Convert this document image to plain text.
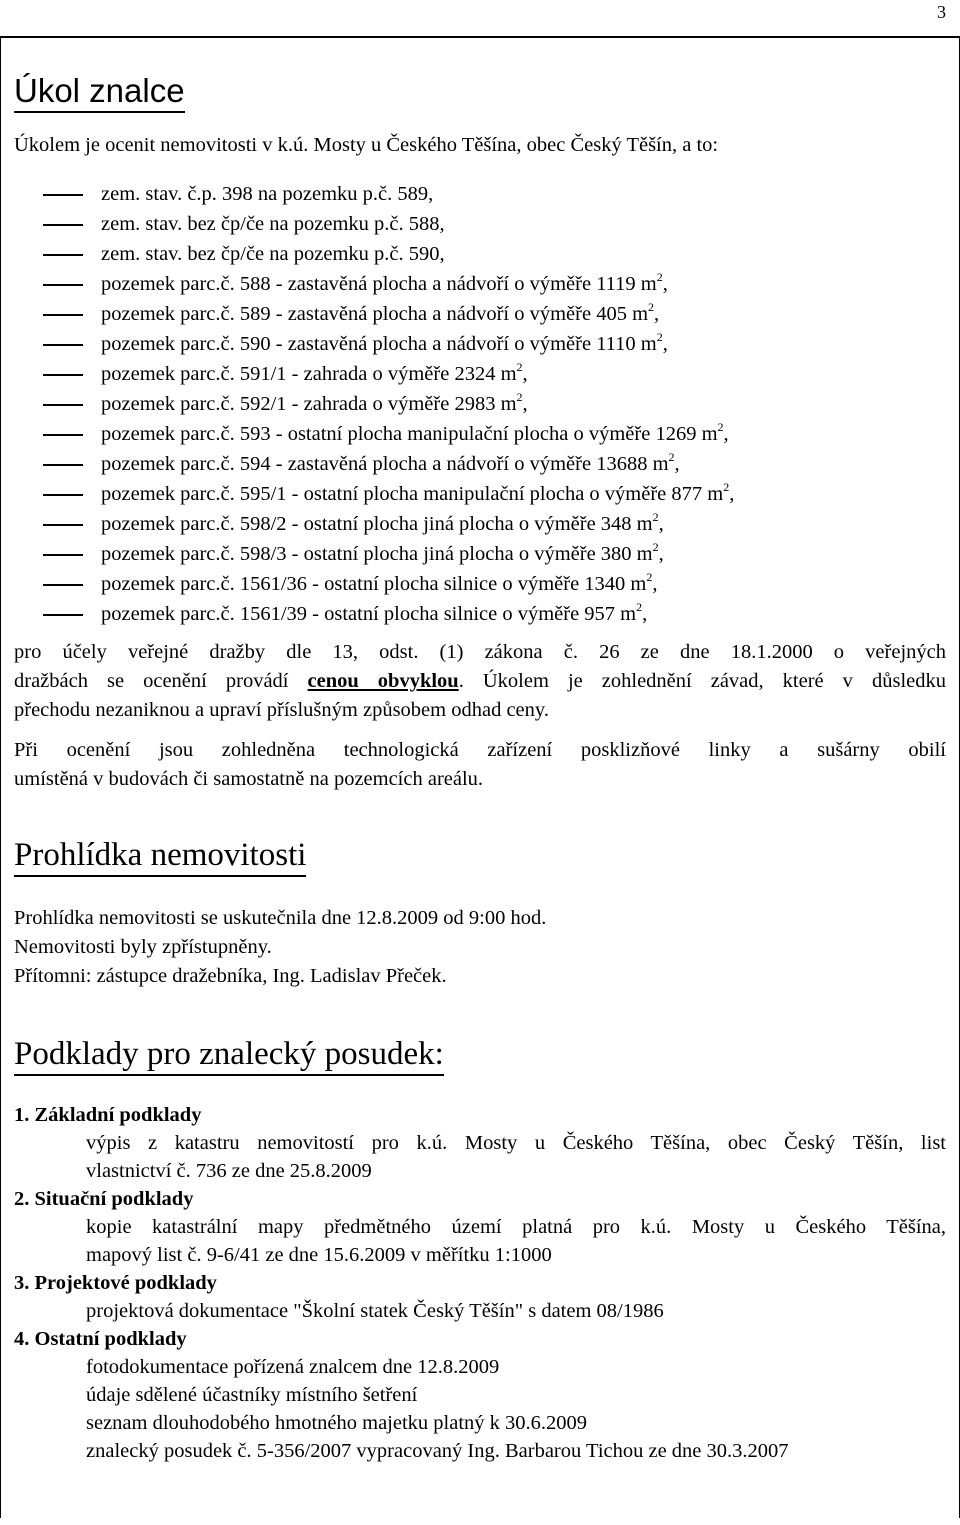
3
Úkol znalce
Úkolem je ocenit nemovitosti v k.ú. Mosty u Českého Těšína, obec Český Těšín, a to:
zem. stav. č.p. 398 na pozemku p.č. 589,
zem. stav. bez čp/če na pozemku p.č. 588,
zem. stav. bez čp/če na pozemku p.č. 590,
pozemek parc.č. 588 - zastavěná plocha a nádvoří o výměře 1119 $m^2$,
pozemek parc.č. 589 - zastavěná plocha a nádvoří o výměře 405 $m^2$,
pozemek parc.č. 590 - zastavěná plocha a nádvoří o výměře 1110 $m^2$,
pozemek parc.č. 591/1 - zahrada o výměře 2324 $m^2$,
pozemek parc.č. 592/1 - zahrada o výměře 2983 $m^2$,
pozemek parc.č. 593 - ostatní plocha manipulační plocha o výměře 1269 $m^2$,
pozemek parc.č. 594 - zastavěná plocha a nádvoří o výměře 13688 $m^2$,
pozemek parc.č. 595/1 - ostatní plocha manipulační plocha o výměře 877 $m^2$,
pozemek parc.č. 598/2 - ostatní plocha jiná plocha o výměře 348 $m^2$,
pozemek parc.č. 598/3 - ostatní plocha jiná plocha o výměře 380 $m^2$,
pozemek parc.č. 1561/36 - ostatní plocha silnice o výměře 1340 $m^2$,
pozemek parc.č. 1561/39 - ostatní plocha silnice o výměře 957 $m^2$,
pro účely veřejné dražby dle 13, odst. (1) zákona č. 26 ze dne 18.1.2000 o veřejných
dražbách se ocenění provádí cenou obvyklou. Úkolem je zohlednění závad, které v důsledku
přechodu nezaniknou a upraví příslušným způsobem odhad ceny.
Při ocenění jsou zohledněna technologická zařízení posklizňové linky a sušárny obilí
umístěná v budovách či samostatně na pozemcích areálu.
Prohlídka nemovitosti
Prohlídka nemovitosti se uskutečnila dne 12.8.2009 od 9:00 hod.
Nemovitosti byly zpřístupněny.
Přítomni: zástupce dražebníka, Ing. Ladislav Přeček.
Podklady pro znalecký posudek:
1. Základní podklady
výpis z katastru nemovitostí pro k.ú. Mosty u Českého Těšína, obec Český Těšín, list
vlastnictví č. 736 ze dne 25.8.2009
2. Situační podklady
kopie katastrální mapy předmětného území platná pro k.ú. Mosty u Českého Těšína,
mapový list č. 9-6/41 ze dne 15.6.2009 v měřítku 1:1000
3. Projektové podklady
projektová dokumentace "Školní statek Český Těšín" s datem 08/1986
4. Ostatní podklady
fotodokumentace pořízená znalcem dne 12.8.2009
údaje sdělené účastníky místního šetření
seznam dlouhodobého hmotného majetku platný k 30.6.2009
znalecký posudek č. 5-356/2007 vypracovaný Ing. Barbarou Tichou ze dne 30.3.2007
